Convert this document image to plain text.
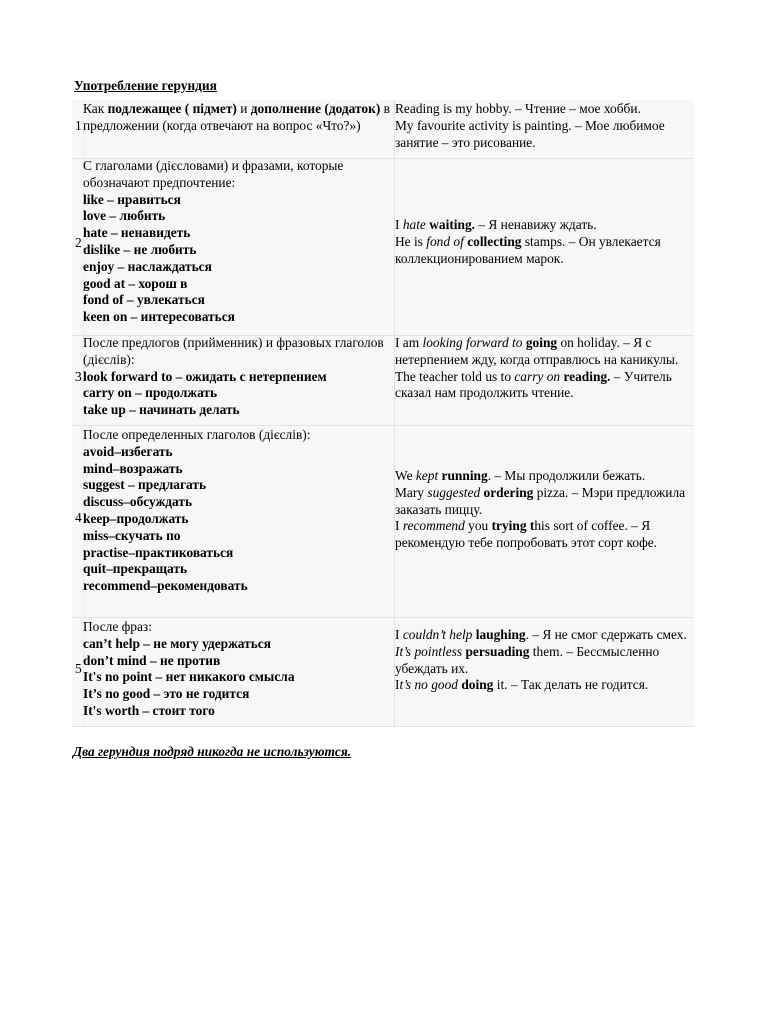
Употребление герундия
1
Как подлежащее ( підмет) и дополнение (додаток) в предложении (когда отвечают на вопрос «Что?»)
Reading is my hobby. – Чтение – мое хобби.
My favourite activity is painting. – Мое любимое занятие – это рисование.
2
С глаголами (дієсловами) и фразами, которые обозначают предпочтение:
like – нравиться
love – любить
hate – ненавидеть
dislike – не любить
enjoy – наслаждаться
good at – хорош в
fond of – увлекаться
keen on – интересоваться
I hate waiting. – Я ненавижу ждать.
He is fond of collecting stamps. – Он увлекается коллекционированием марок.
3
После предлогов (прийменник) и фразовых глаголов (дієслів):
look forward to – ожидать с нетерпением
carry on – продолжать
take up – начинать делать
I am looking forward to going on holiday. – Я с нетерпением жду, когда отправлюсь на каникулы.
The teacher told us to carry on reading. – Учитель сказал нам продолжить чтение.
4
После определенных глаголов (дієслів):
avoid–избегать
mind–возражать
suggest – предлагать
discuss–обсуждать
keep–продолжать
miss–скучать по
practise–практиковаться
quit–прекращать
recommend–рекомендовать
We kept running. – Мы продолжили бежать.
Mary suggested ordering pizza. – Мэри предложила заказать пиццу.
I recommend you trying this sort of coffee. – Я рекомендую тебе попробовать этот сорт кофе.
5
После фраз:
can’t help – не могу удержаться
don’t mind – не против
It's no point – нет никакого смысла
It’s no good – это не годится
It's worth – стоит того
I couldn’t help laughing. – Я не смог сдержать смех.
It’s pointless persuading them. – Бессмысленно убеждать их.
It’s no good doing it. – Так делать не годится.
Два герундия подряд никогда не используются.
